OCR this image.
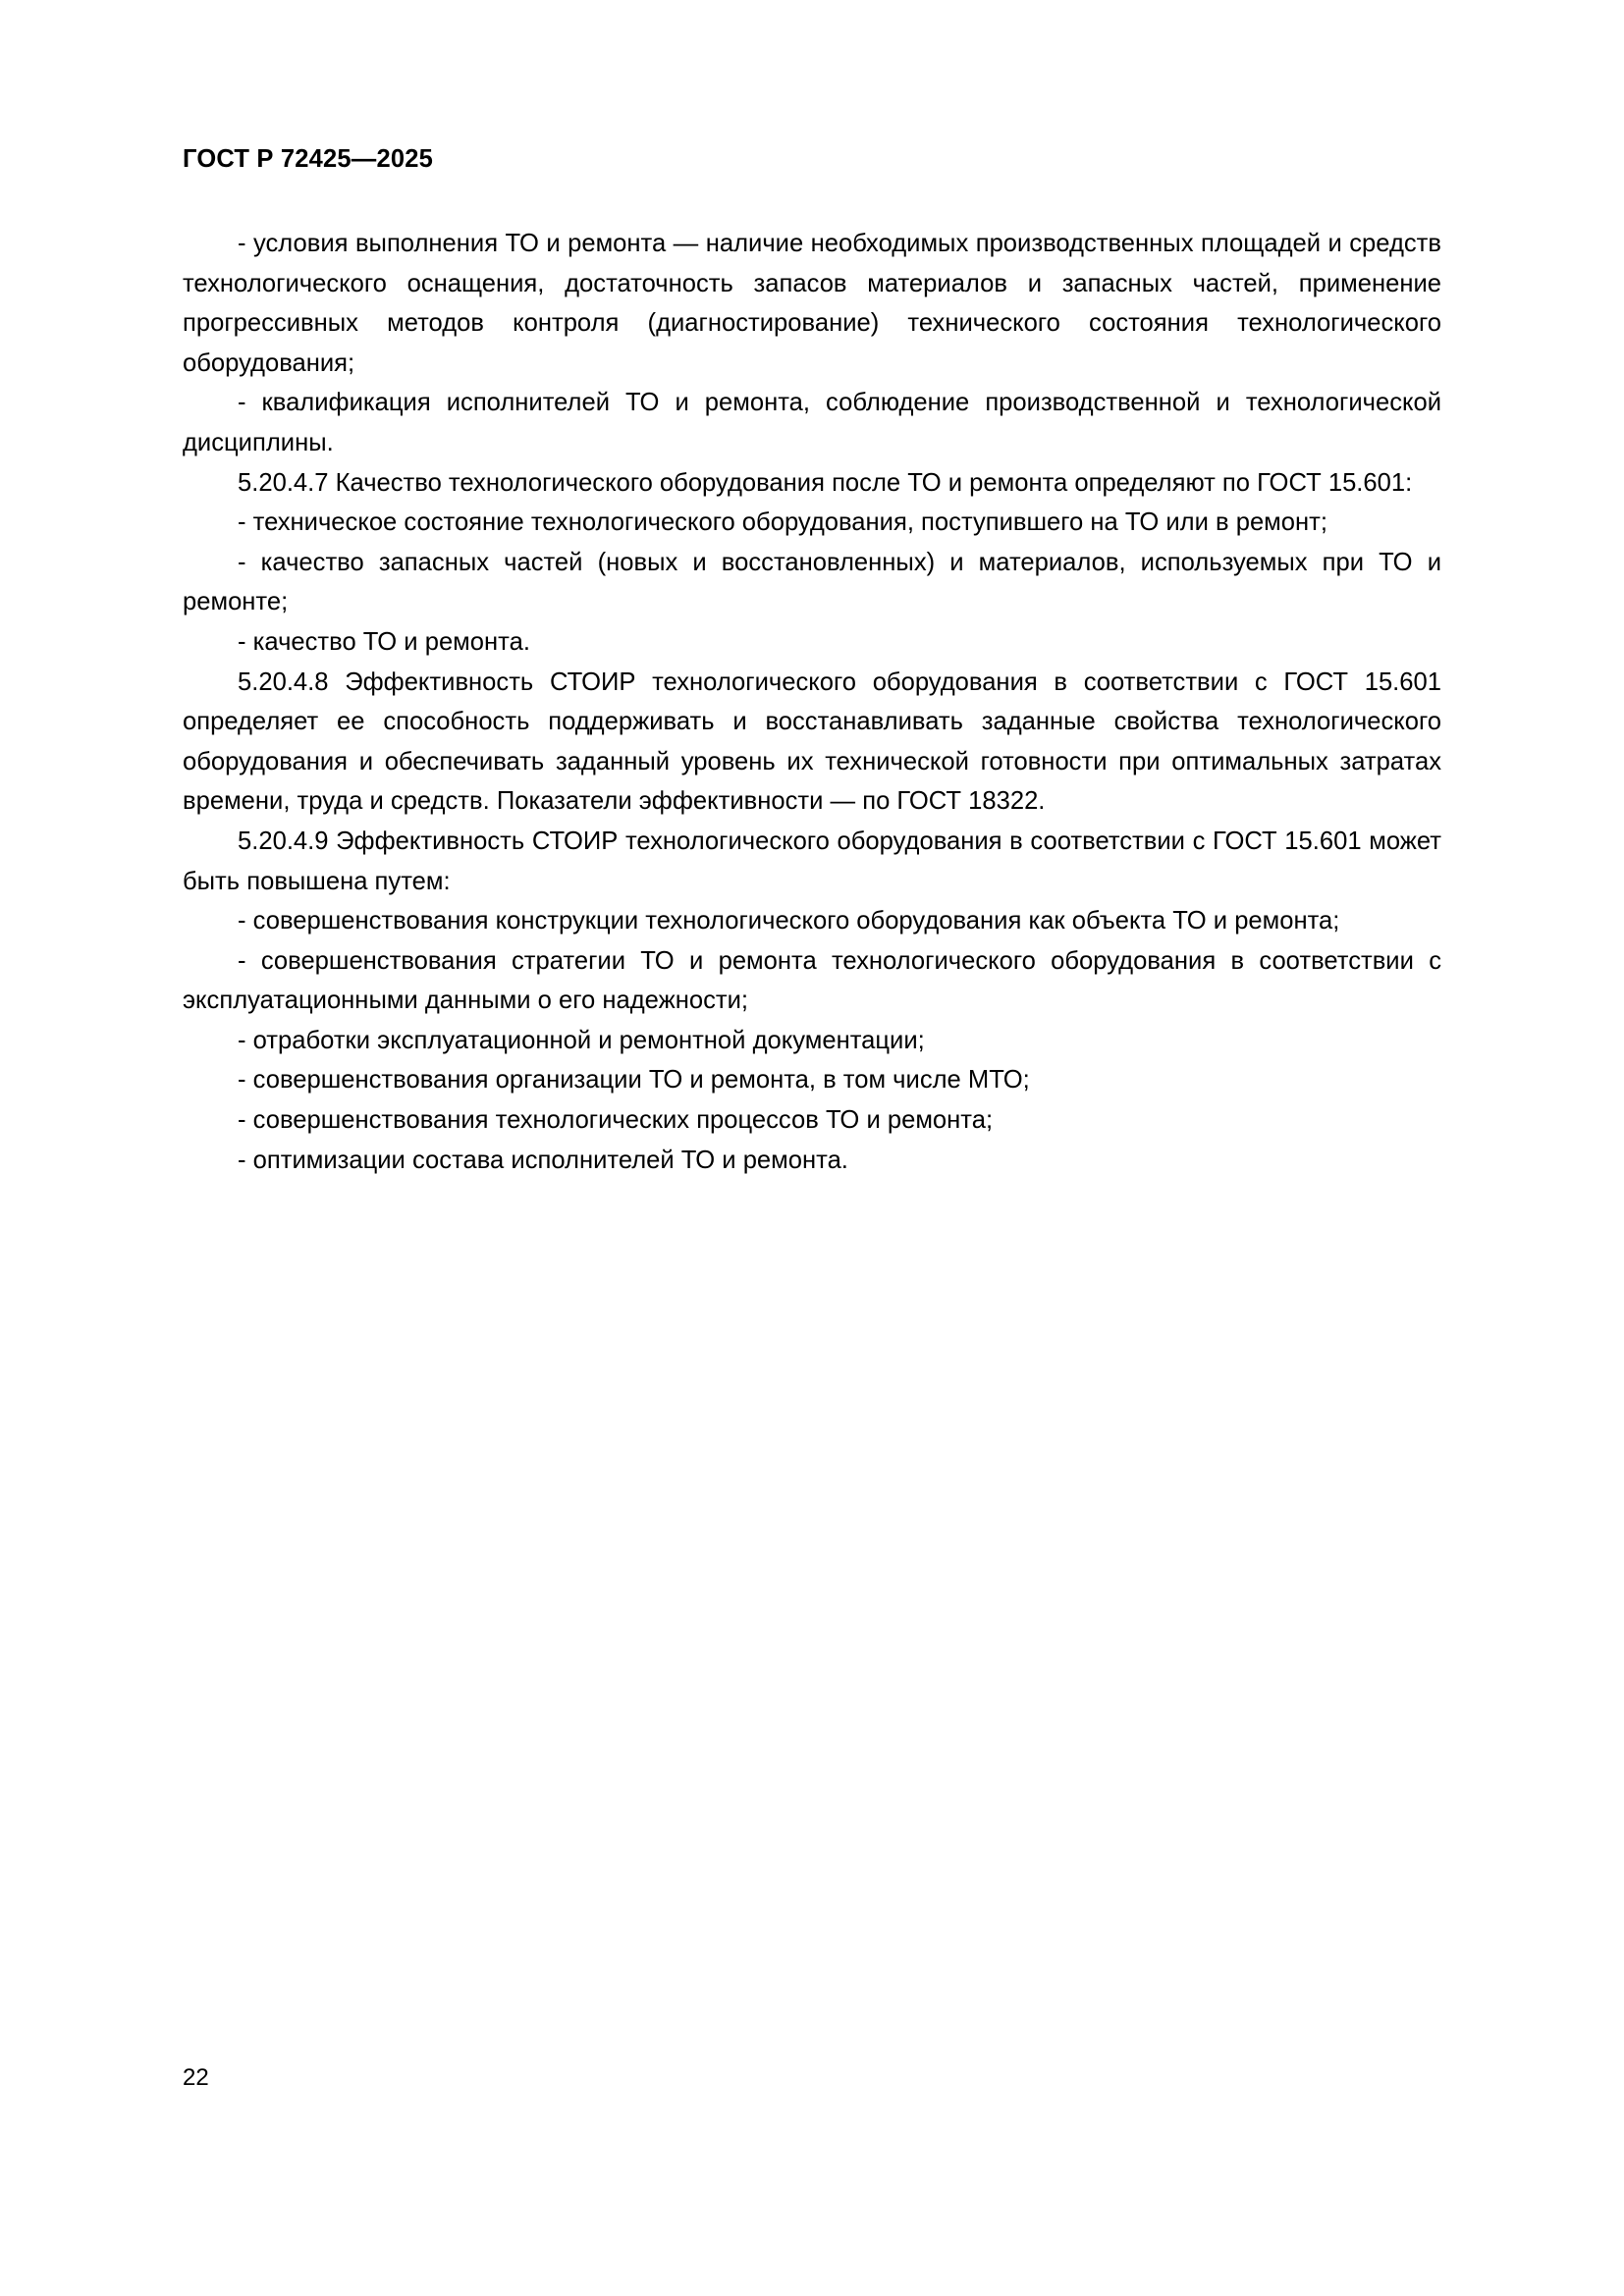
ГОСТ Р 72425—2025

- условия выполнения ТО и ремонта — наличие необходимых производственных площадей и средств технологического оснащения, достаточность запасов материалов и запасных частей, применение прогрессивных методов контроля (диагностирование) технического состояния технологического оборудования;

- квалификация исполнителей ТО и ремонта, соблюдение производственной и технологической дисциплины.

5.20.4.7 Качество технологического оборудования после ТО и ремонта определяют по ГОСТ 15.601:

- техническое состояние технологического оборудования, поступившего на ТО или в ремонт;

- качество запасных частей (новых и восстановленных) и материалов, используемых при ТО и ремонте;

- качество ТО и ремонта.

5.20.4.8 Эффективность СТОИР технологического оборудования в соответствии с ГОСТ 15.601 определяет ее способность поддерживать и восстанавливать заданные свойства технологического оборудования и обеспечивать заданный уровень их технической готовности при оптимальных затратах времени, труда и средств. Показатели эффективности — по ГОСТ 18322.

5.20.4.9 Эффективность СТОИР технологического оборудования в соответствии с ГОСТ 15.601 может быть повышена путем:

- совершенствования конструкции технологического оборудования как объекта ТО и ремонта;

- совершенствования стратегии ТО и ремонта технологического оборудования в соответствии с эксплуатационными данными о его надежности;

- отработки эксплуатационной и ремонтной документации;

- совершенствования организации ТО и ремонта, в том числе МТО;

- совершенствования технологических процессов ТО и ремонта;

- оптимизации состава исполнителей ТО и ремонта.

22
